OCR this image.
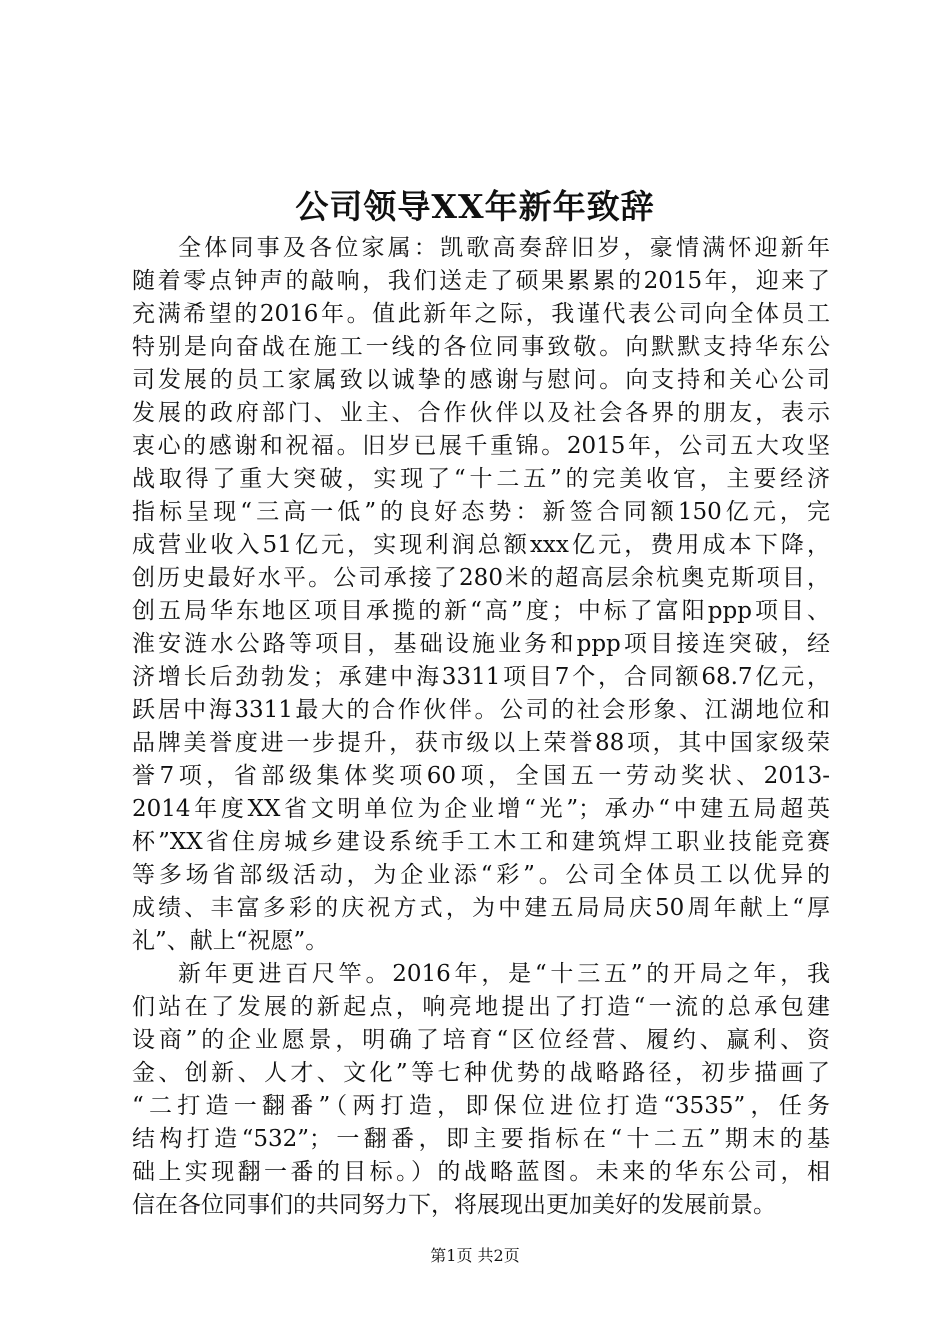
公司领导XX年新年致辞
全体同事及各位家属：凯歌高奏辞旧岁，豪情满怀迎新年
随着零点钟声的敲响，我们送走了硕果累累的2015年，迎来了
充满希望的2016年。值此新年之际，我谨代表公司向全体员工
特别是向奋战在施工一线的各位同事致敬。向默默支持华东公
司发展的员工家属致以诚挚的感谢与慰问。向支持和关心公司
发展的政府部门、业主、合作伙伴以及社会各界的朋友，表示
衷心的感谢和祝福。旧岁已展千重锦。2015年，公司五大攻坚
战取得了重大突破，实现了“十二五”的完美收官，主要经济
指标呈现“三高一低”的良好态势：新签合同额150亿元，完
成营业收入51亿元，实现利润总额xxx亿元，费用成本下降，
创历史最好水平。公司承接了280米的超高层余杭奥克斯项目，
创五局华东地区项目承揽的新“高”度；中标了富阳ppp项目、
淮安涟水公路等项目，基础设施业务和ppp项目接连突破，经
济增长后劲勃发；承建中海3311项目7个，合同额68.7亿元，
跃居中海3311最大的合作伙伴。公司的社会形象、江湖地位和
品牌美誉度进一步提升，获市级以上荣誉88项，其中国家级荣
誉7项，省部级集体奖项60项，全国五一劳动奖状、2013-
2014年度XX省文明单位为企业增“光”；承办“中建五局超英
杯”XX省住房城乡建设系统手工木工和建筑焊工职业技能竞赛
等多场省部级活动，为企业添“彩”。公司全体员工以优异的
成绩、丰富多彩的庆祝方式，为中建五局局庆50周年献上“厚
礼”、献上“祝愿”。
新年更进百尺竿。2016年，是“十三五”的开局之年，我
们站在了发展的新起点，响亮地提出了打造“一流的总承包建
设商”的企业愿景，明确了培育“区位经营、履约、赢利、资
金、创新、人才、文化”等七种优势的战略路径，初步描画了
“二打造一翻番”（两打造，即保位进位打造“3535”，任务
结构打造“532”；一翻番，即主要指标在“十二五”期末的基
础上实现翻一番的目标。）的战略蓝图。未来的华东公司，相
信在各位同事们的共同努力下，将展现出更加美好的发展前景。
第1页 共2页
